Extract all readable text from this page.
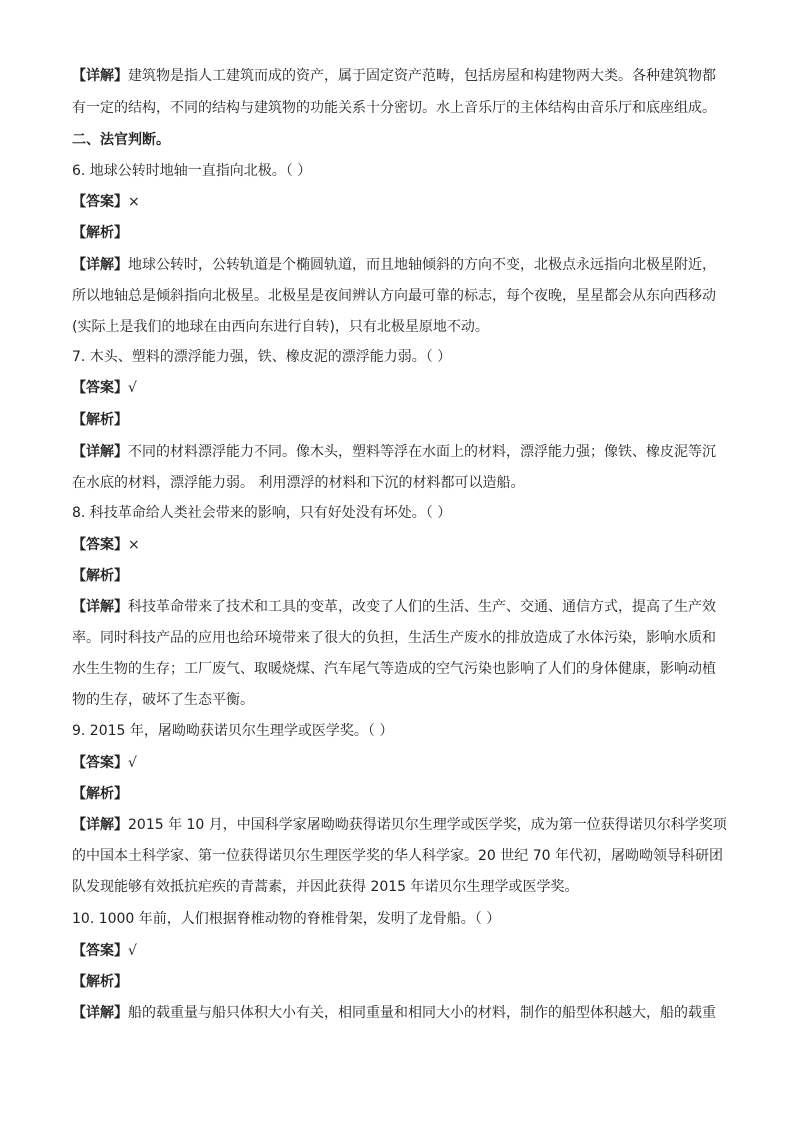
【详解】建筑物是指人工建筑而成的资产，属于固定资产范畴，包括房屋和构建物两大类。各种建筑物都
有一定的结构，不同的结构与建筑物的功能关系十分密切。水上音乐厅的主体结构由音乐厅和底座组成。
二、法官判断。
6. 地球公转时地轴一直指向北极。（ ）
【答案】×
【解析】
【详解】地球公转时，公转轨道是个椭圆轨道，而且地轴倾斜的方向不变，北极点永远指向北极星附近，
所以地轴总是倾斜指向北极星。北极星是夜间辨认方向最可靠的标志，每个夜晚，星星都会从东向西移动
(实际上是我们的地球在由西向东进行自转)，只有北极星原地不动。
7. 木头、塑料的漂浮能力强，铁、橡皮泥的漂浮能力弱。（ ）
【答案】√
【解析】
【详解】不同的材料漂浮能力不同。像木头，塑料等浮在水面上的材料，漂浮能力强；像铁、橡皮泥等沉
在水底的材料，漂浮能力弱。 利用漂浮的材料和下沉的材料都可以造船。
8. 科技革命给人类社会带来的影响，只有好处没有坏处。（ ）
【答案】×
【解析】
【详解】科技革命带来了技术和工具的变革，改变了人们的生活、生产、交通、通信方式，提高了生产效
率。同时科技产品的应用也给环境带来了很大的负担，生活生产废水的排放造成了水体污染，影响水质和
水生生物的生存；工厂废气、取暖烧煤、汽车尾气等造成的空气污染也影响了人们的身体健康，影响动植
物的生存，破坏了生态平衡。
9. 2015 年，屠呦呦获诺贝尔生理学或医学奖。（ ）
【答案】√
【解析】
【详解】2015 年 10 月，中国科学家屠呦呦获得诺贝尔生理学或医学奖，成为第一位获得诺贝尔科学奖项
的中国本土科学家、第一位获得诺贝尔生理医学奖的华人科学家。20 世纪 70 年代初，屠呦呦领导科研团
队发现能够有效抵抗疟疾的青蒿素，并因此获得 2015 年诺贝尔生理学或医学奖。
10. 1000 年前，人们根据脊椎动物的脊椎骨架，发明了龙骨船。（ ）
【答案】√
【解析】
【详解】船的载重量与船只体积大小有关，相同重量和相同大小的材料，制作的船型体积越大，船的载重
